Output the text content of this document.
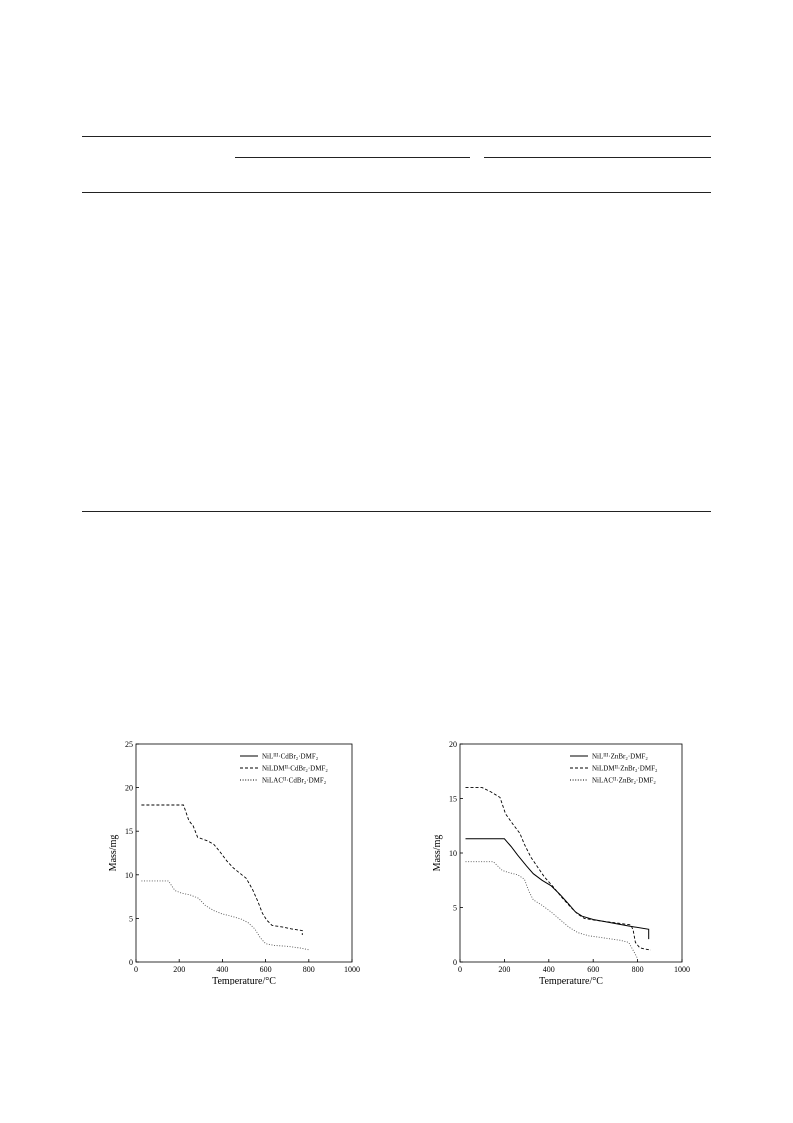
0	200	400	600	800	1000
0
5
10
15
20
25
Temperature/°C
Mass/mg
NiL$^{III}$·CdBr₂·DMF₂
NiLDM$^{II}$·CdBr₂·DMF₂
NiLAC$^{II}$·CdBr₂·DMF₂
0	200	400	600	800	1000
0
5
10
15
20
Temperature/°C
Mass/mg
NiL$^{III}$·ZnBr₂·DMF₂
NiLDM$^{II}$·ZnBr₂·DMF₂
NiLAC$^{II}$·ZnBr₂·DMF₂
